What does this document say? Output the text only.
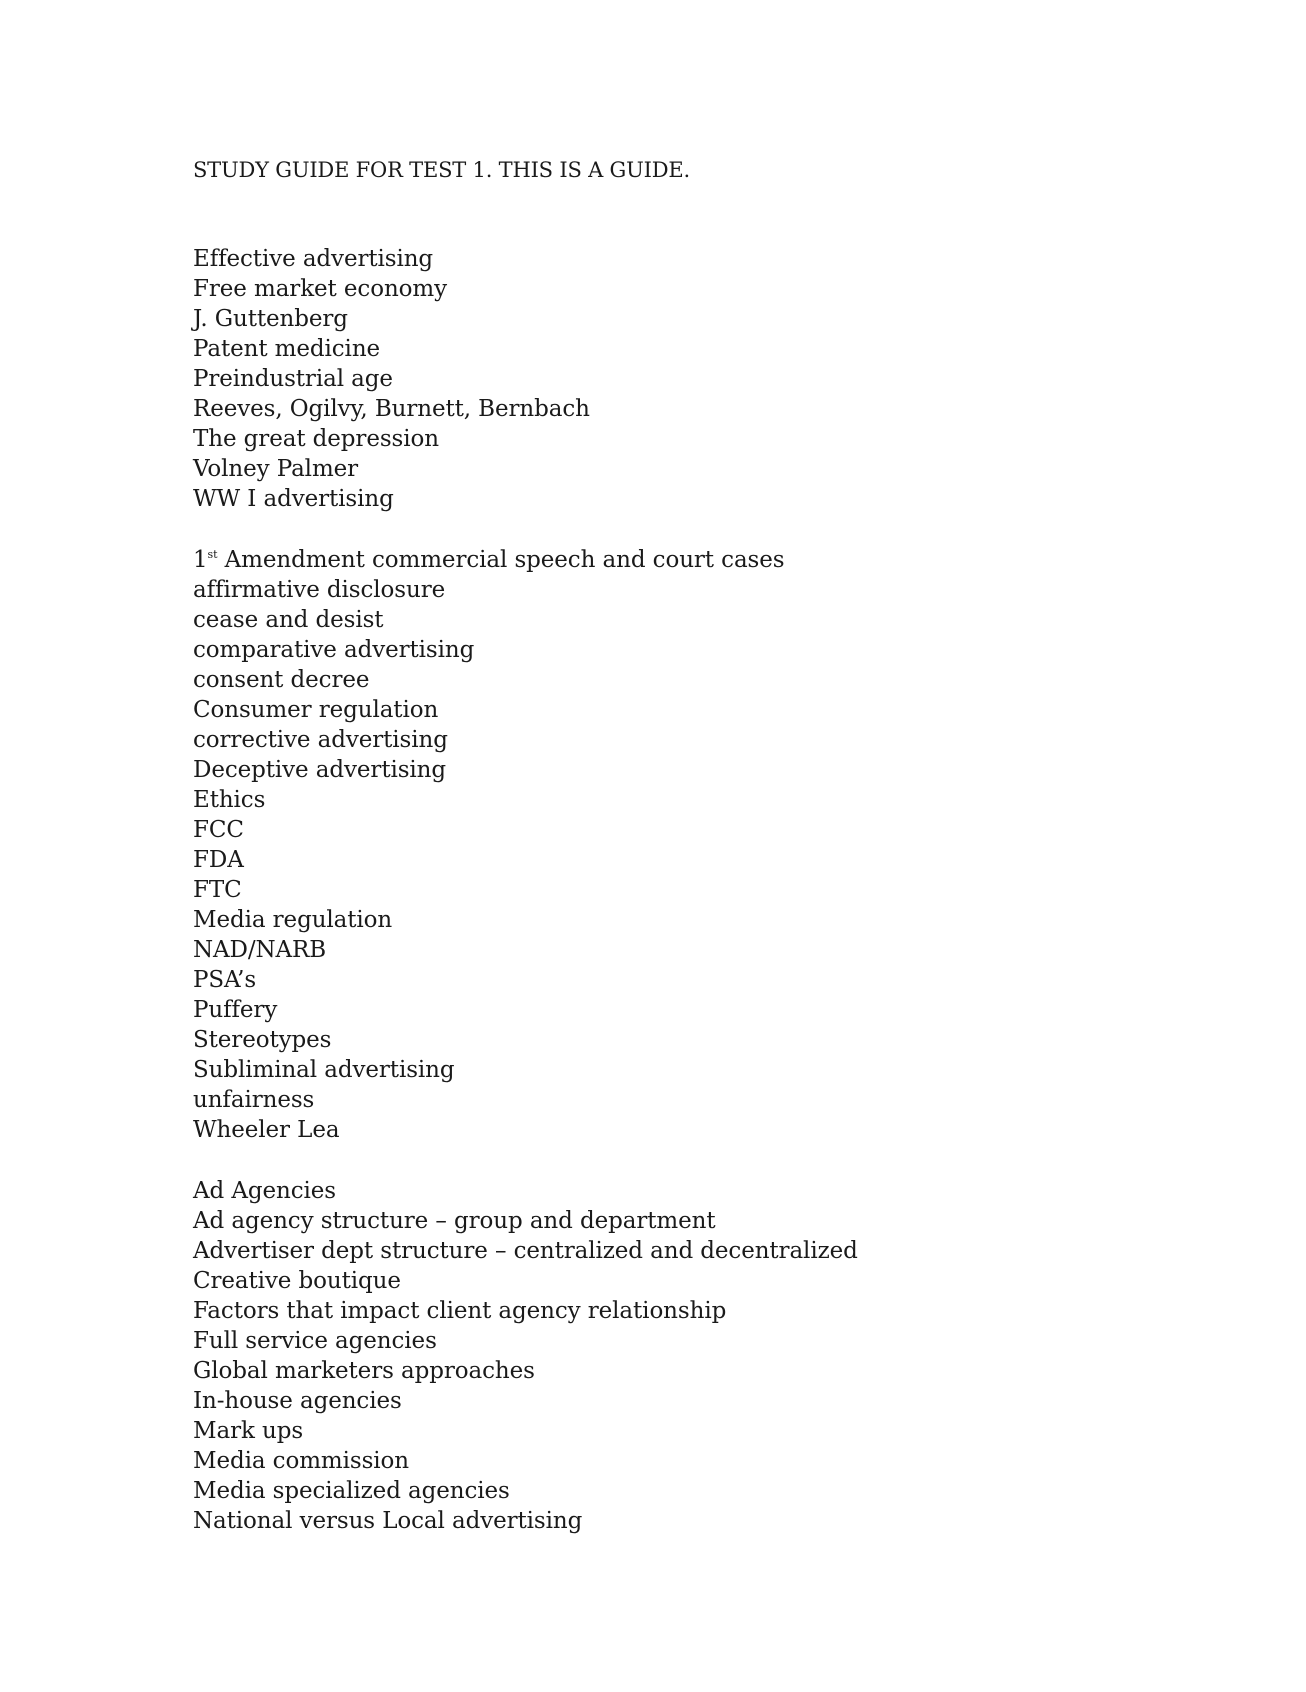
STUDY GUIDE FOR TEST 1. THIS IS A GUIDE.
Effective advertising
Free market economy
J. Guttenberg
Patent medicine
Preindustrial age
Reeves, Ogilvy, Burnett, Bernbach
The great depression
Volney Palmer
WW I advertising
1st Amendment commercial speech and court cases
affirmative disclosure
cease and desist
comparative advertising
consent decree
Consumer regulation
corrective advertising
Deceptive advertising
Ethics
FCC
FDA
FTC
Media regulation
NAD/NARB
PSA’s
Puffery
Stereotypes
Subliminal advertising
unfairness
Wheeler Lea
Ad Agencies
Ad agency structure – group and department
Advertiser dept structure – centralized and decentralized
Creative boutique
Factors that impact client agency relationship
Full service agencies
Global marketers approaches
In-house agencies
Mark ups
Media commission
Media specialized agencies
National versus Local advertising
